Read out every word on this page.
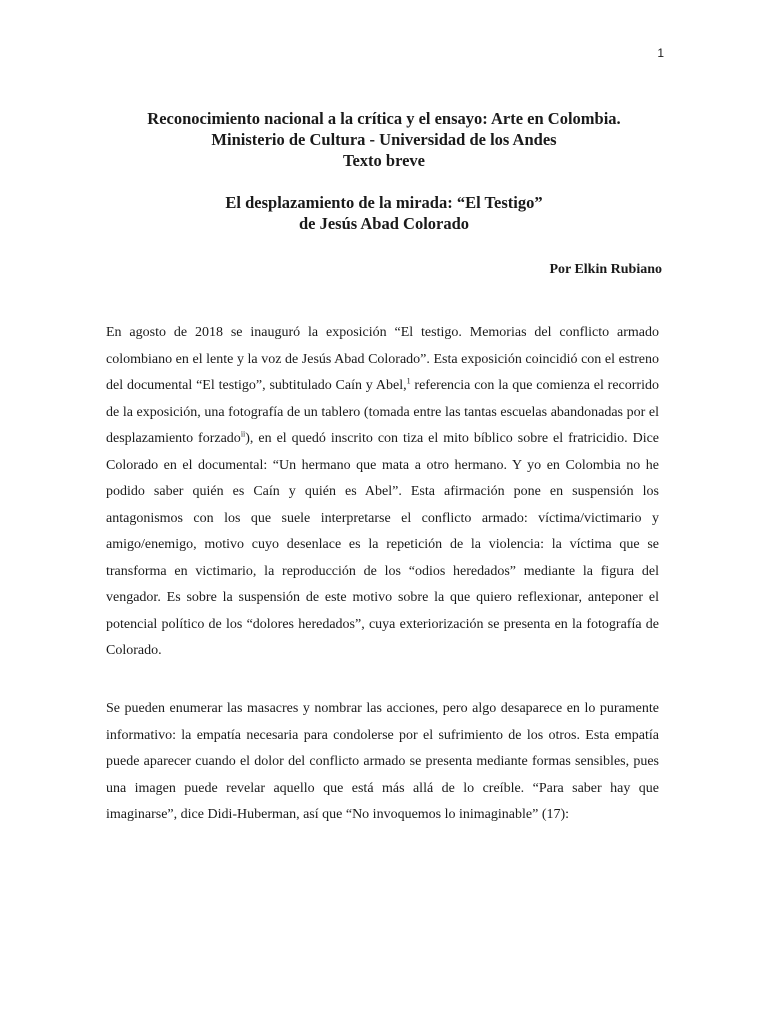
1
Reconocimiento nacional a la crítica y el ensayo: Arte en Colombia.
Ministerio de Cultura - Universidad de los Andes
Texto breve
El desplazamiento de la mirada: “El Testigo”
de Jesús Abad Colorado
Por Elkin Rubiano

En agosto de 2018 se inauguró la exposición “El testigo. Memorias del conflicto armado colombiano en el lente y la voz de Jesús Abad Colorado”. Esta exposición coincidió con el estreno del documental “El testigo”, subtitulado Caín y Abel,$^1$ referencia con la que comienza el recorrido de la exposición, una fotografía de un tablero (tomada entre las tantas escuelas abandonadas por el desplazamiento forzado$^{ii}$), en el quedó inscrito con tiza el mito bíblico sobre el fratricidio. Dice Colorado en el documental: “Un hermano que mata a otro hermano. Y yo en Colombia no he podido saber quién es Caín y quién es Abel”. Esta afirmación pone en suspensión los antagonismos con los que suele interpretarse el conflicto armado: víctima/victimario y amigo/enemigo, motivo cuyo desenlace es la repetición de la violencia: la víctima que se transforma en victimario, la reproducción de los “odios heredados” mediante la figura del vengador. Es sobre la suspensión de este motivo sobre la que quiero reflexionar, anteponer el potencial político de los “dolores heredados”, cuya exteriorización se presenta en la fotografía de Colorado.

Se pueden enumerar las masacres y nombrar las acciones, pero algo desaparece en lo puramente informativo: la empatía necesaria para condolerse por el sufrimiento de los otros. Esta empatía puede aparecer cuando el dolor del conflicto armado se presenta mediante formas sensibles, pues una imagen puede revelar aquello que está más allá de lo creíble. “Para saber hay que imaginarse”, dice Didi-Huberman, así que “No invoquemos lo inimaginable” (17):
